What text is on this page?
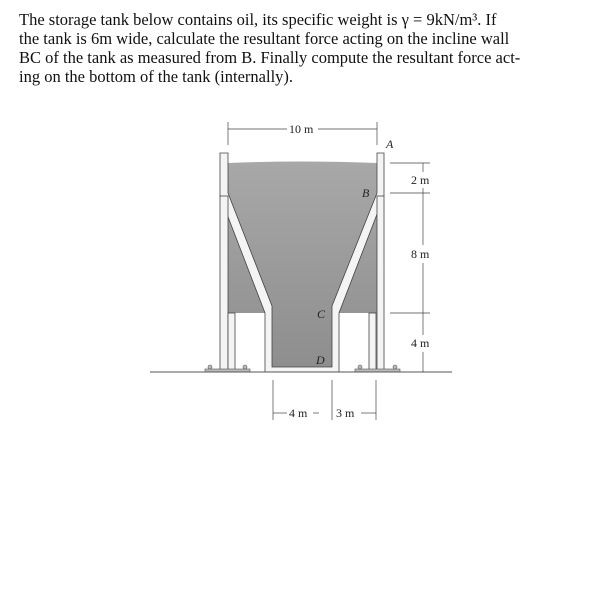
The storage tank below contains oil, its specific weight is γ = 9kN/m³. If

the tank is 6m wide, calculate the resultant force acting on the incline wall

BC of the tank as measured from B. Finally compute the resultant force act-

ing on the bottom of the tank (internally).

10 m
2 m
8 m
4 m
4 m 3 m
A
B
C
D
